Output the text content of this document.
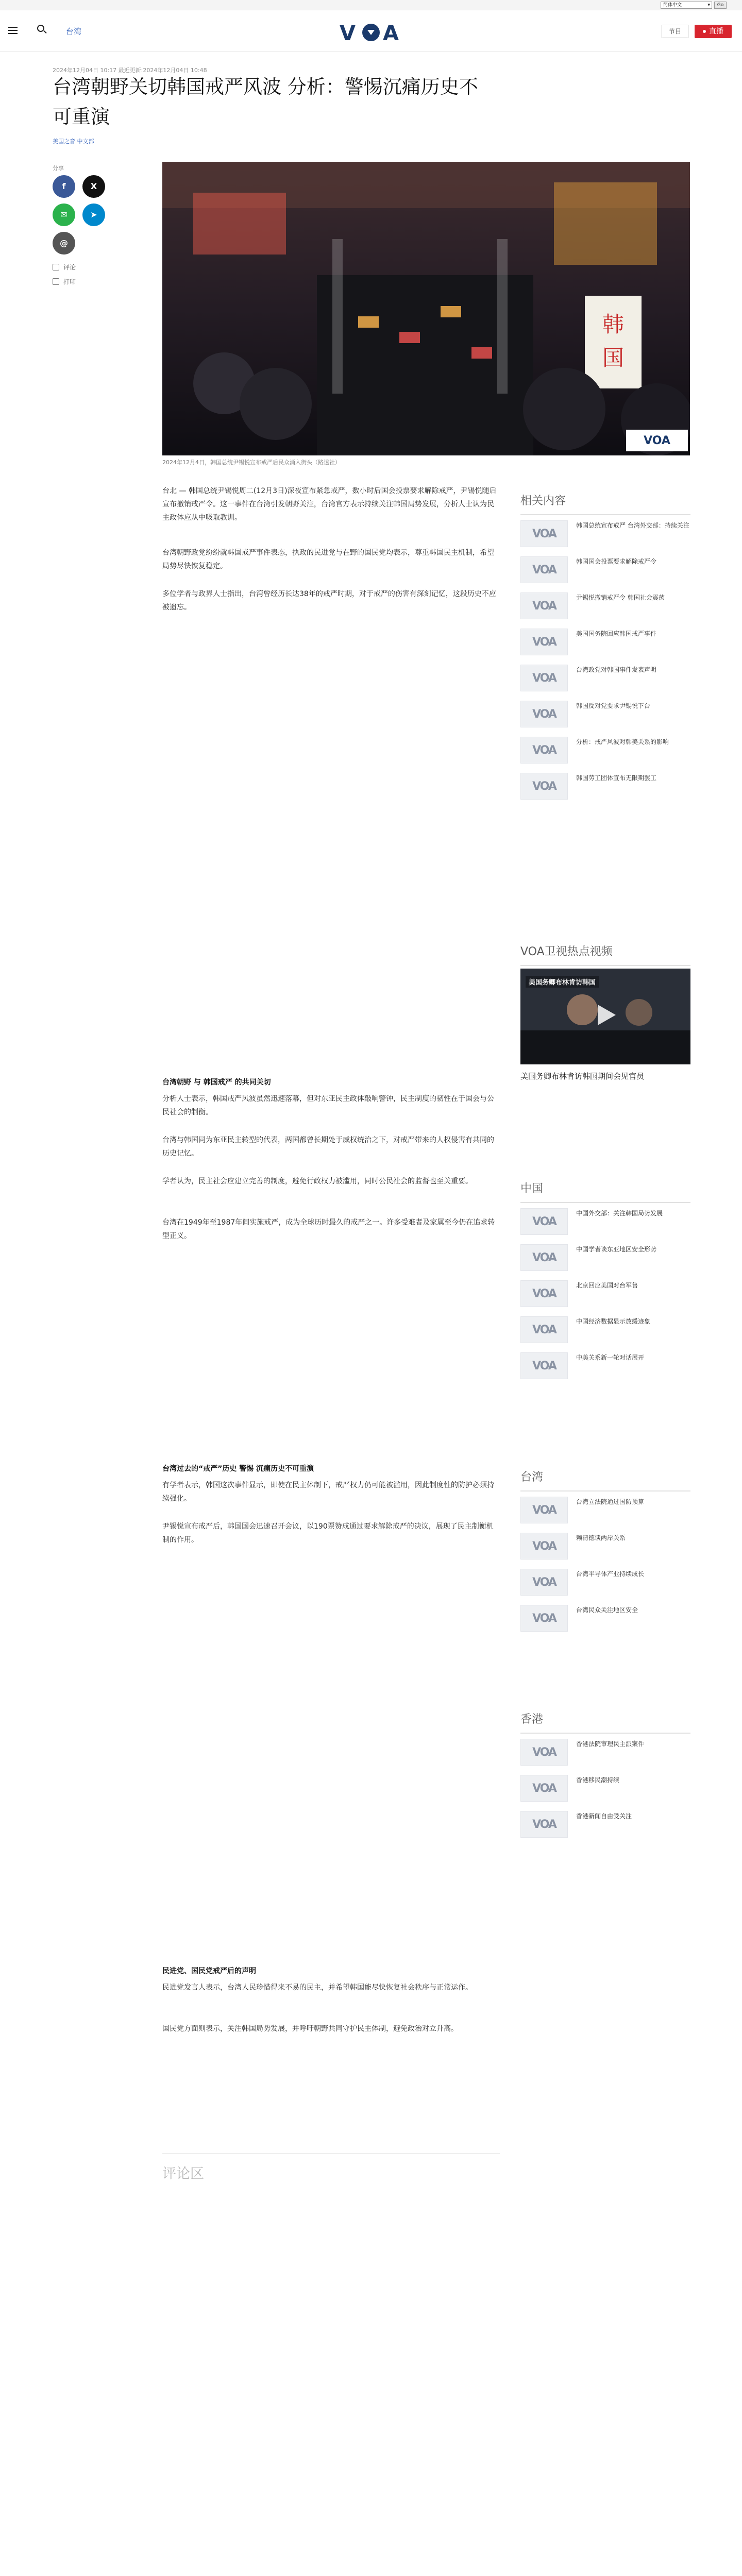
简体中文 ▾	Go
台湾	V A	节目	直播
2024年12月04日 10:17 最近更新:2024年12月04日 10:48
台湾朝野关切韩国戒严风波 分析：警惕沉痛历史不可重演
美国之音 中文部
分享
f	X
✉	➤
@
评论
打印
韩
国
VOA
2024年12月4日，韩国总统尹锡悦宣布戒严后民众涌入街头（路透社）

台北 — 韩国总统尹锡悦周二(12月3日)深夜宣布紧急戒严，数小时后国会投票要求解除戒严，尹锡悦随后宣布撤销戒严令。这一事件在台湾引发朝野关注，台湾官方表示持续关注韩国局势发展，分析人士认为民主政体应从中吸取教训。

台湾朝野政党纷纷就韩国戒严事件表态，执政的民进党与在野的国民党均表示，尊重韩国民主机制，希望局势尽快恢复稳定。

多位学者与政界人士指出，台湾曾经历长达38年的戒严时期，对于戒严的伤害有深刻记忆，这段历史不应被遗忘。

台湾朝野 与 韩国戒严 的共同关切

分析人士表示，韩国戒严风波虽然迅速落幕，但对东亚民主政体敲响警钟，民主制度的韧性在于国会与公民社会的制衡。

台湾与韩国同为东亚民主转型的代表，两国都曾长期处于威权统治之下，对戒严带来的人权侵害有共同的历史记忆。

学者认为，民主社会应建立完善的制度，避免行政权力被滥用，同时公民社会的监督也至关重要。

台湾在1949年至1987年间实施戒严，成为全球历时最久的戒严之一。许多受难者及家属至今仍在追求转型正义。

台湾过去的“戒严”历史 警惕 沉痛历史不可重演

有学者表示，韩国这次事件显示，即使在民主体制下，戒严权力仍可能被滥用，因此制度性的防护必须持续强化。

尹锡悦宣布戒严后，韩国国会迅速召开会议，以190票赞成通过要求解除戒严的决议，展现了民主制衡机制的作用。

民进党、国民党戒严后的声明

民进党发言人表示，台湾人民珍惜得来不易的民主，并希望韩国能尽快恢复社会秩序与正常运作。

国民党方面则表示，关注韩国局势发展，并呼吁朝野共同守护民主体制，避免政治对立升高。

评论区
相关内容
VOA
韩国总统宣布戒严 台湾外交部：持续关注
VOA
韩国国会投票要求解除戒严令
VOA
尹锡悦撤销戒严令 韩国社会震荡
VOA
美国国务院回应韩国戒严事件
VOA
台湾政党对韩国事件发表声明
VOA
韩国反对党要求尹锡悦下台
VOA
分析：戒严风波对韩美关系的影响
VOA
韩国劳工团体宣布无限期罢工
VOA卫视热点视频
美国务卿布林肯访韩国
美国务卿布林肯访韩国期间会见官员
中国
VOA
中国外交部：关注韩国局势发展
VOA
中国学者谈东亚地区安全形势
VOA
北京回应美国对台军售
VOA
中国经济数据显示放缓迹象
VOA
中美关系新一轮对话展开
台湾
VOA
台湾立法院通过国防预算
VOA
赖清德谈两岸关系
VOA
台湾半导体产业持续成长
VOA
台湾民众关注地区安全
香港
VOA
香港法院审理民主派案件
VOA
香港移民潮持续
VOA
香港新闻自由受关注
